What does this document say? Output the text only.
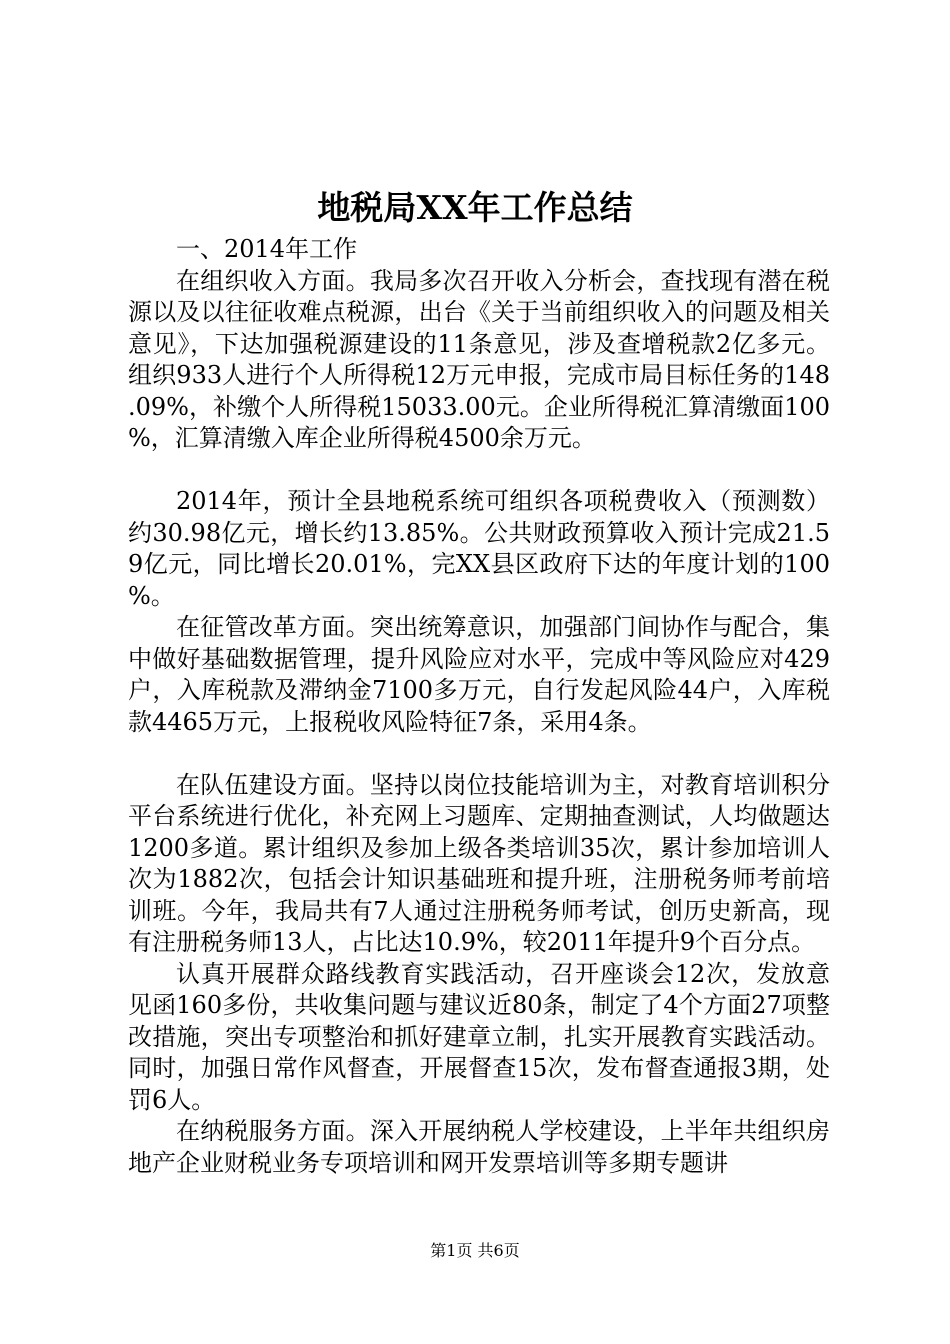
地税局XX年工作总结

一、2014年工作

在组织收入方面。我局多次召开收入分析会，查找现有潜在税源以及以往征收难点税源，出台《关于当前组织收入的问题及相关意见》，下达加强税源建设的11条意见，涉及查增税款2亿多元。组织933人进行个人所得税12万元申报，完成市局目标任务的148.09%，补缴个人所得税15033.00元。企业所得税汇算清缴面100%，汇算清缴入库企业所得税4500余万元。

2014年，预计全县地税系统可组织各项税费收入（预测数）约30.98亿元，增长约13.85%。公共财政预算收入预计完成21.59亿元，同比增长20.01%，完XX县区政府下达的年度计划的100%。

在征管改革方面。突出统筹意识，加强部门间协作与配合，集中做好基础数据管理，提升风险应对水平，完成中等风险应对429户，入库税款及滞纳金7100多万元，自行发起风险44户，入库税款4465万元，上报税收风险特征7条，采用4条。

在队伍建设方面。坚持以岗位技能培训为主，对教育培训积分平台系统进行优化，补充网上习题库、定期抽查测试，人均做题达1200多道。累计组织及参加上级各类培训35次，累计参加培训人次为1882次，包括会计知识基础班和提升班，注册税务师考前培训班。今年，我局共有7人通过注册税务师考试，创历史新高，现有注册税务师13人，占比达10.9%，较2011年提升9个百分点。

认真开展群众路线教育实践活动，召开座谈会12次，发放意见函160多份，共收集问题与建议近80条，制定了4个方面27项整改措施，突出专项整治和抓好建章立制，扎实开展教育实践活动。同时，加强日常作风督查，开展督查15次，发布督查通报3期，处罚6人。

在纳税服务方面。深入开展纳税人学校建设，上半年共组织房地产企业财税业务专项培训和网开发票培训等多期专题讲

第1页 共6页
